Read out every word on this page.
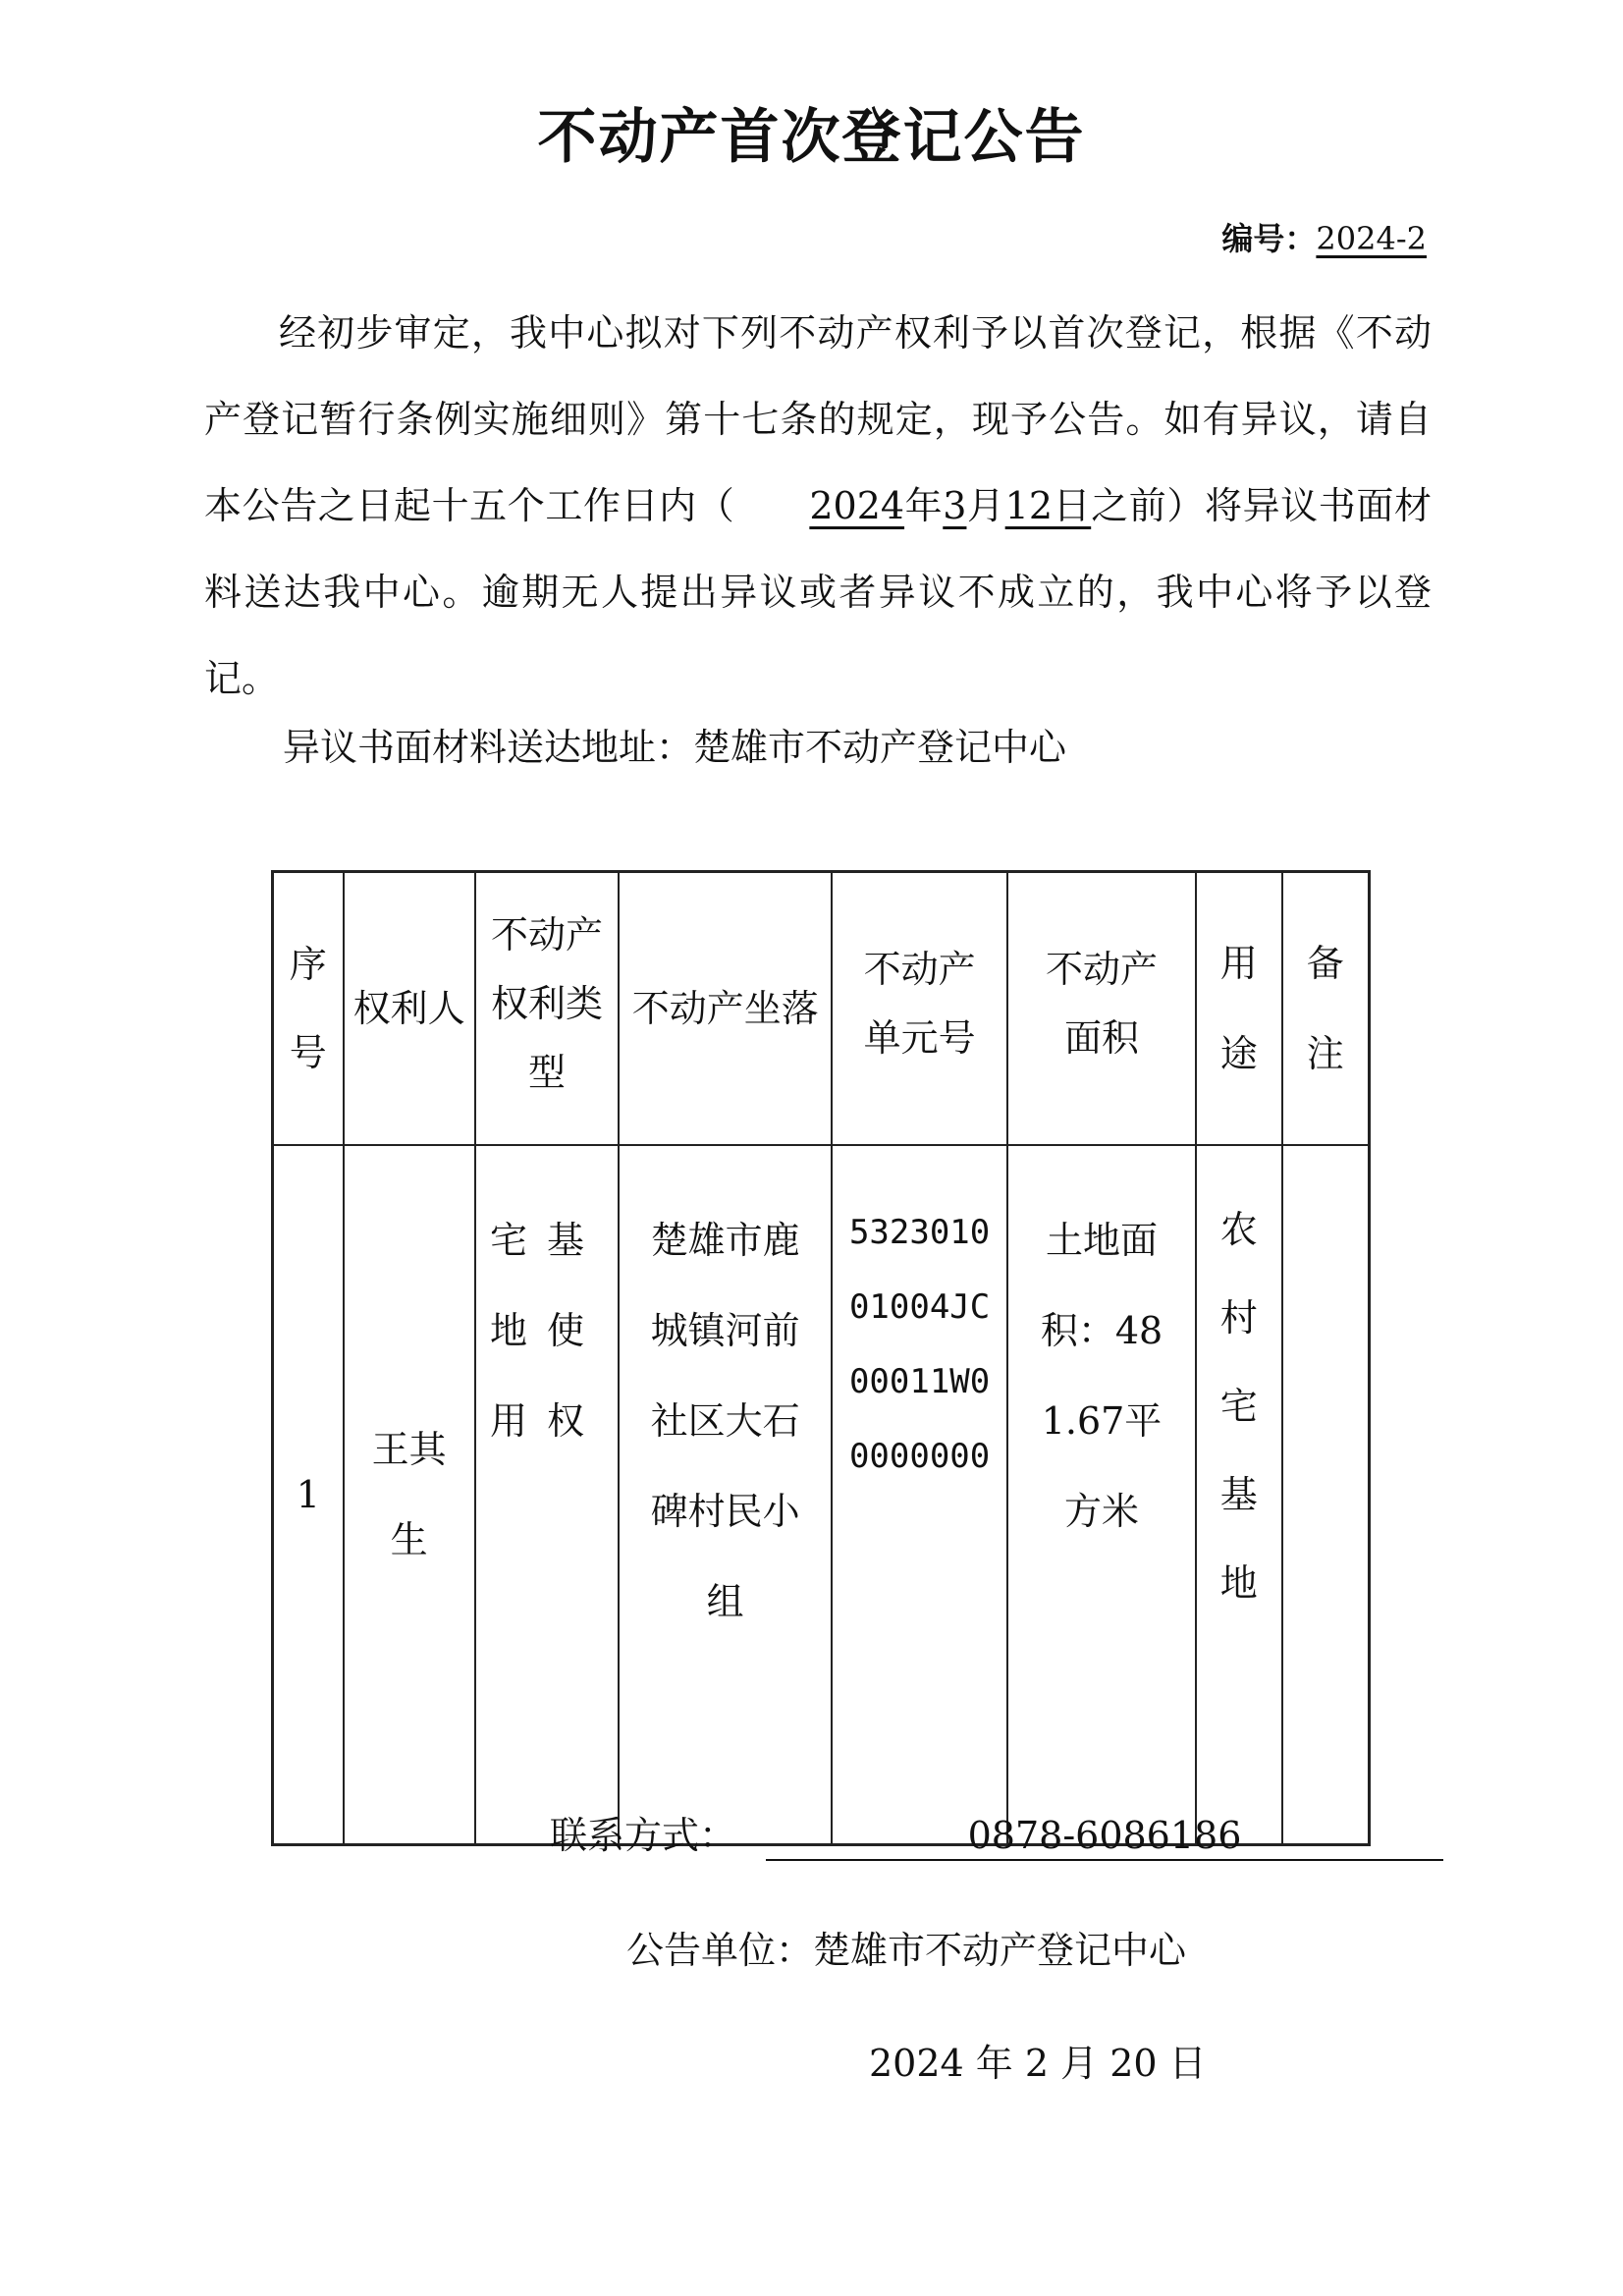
不动产首次登记公告
编号：2024-2
经初步审定，我中心拟对下列不动产权利予以首次登记，根据《不动产登记暂行条例实施细则》第十七条的规定，现予公告。如有异议，请自本公告之日起十五个工作日内（ 2024年3月12日之前）将异议书面材料送达我中心。逾期无人提出异议或者异议不成立的，我中心将予以登记。
异议书面材料送达地址：楚雄市不动产登记中心
序号	权利人	不动产权利类型	不动产坐落	不动产单元号	不动产面积	用途	备注
1	王其生	宅基地使用权	楚雄市鹿城镇河前社区大石碑村民小组	532301001004JC00011W00000000	土地面积：481.67平方米	农村宅基地	
联系方式：	0878-6086186
公告单位：楚雄市不动产登记中心
2024 年 2 月 20 日
